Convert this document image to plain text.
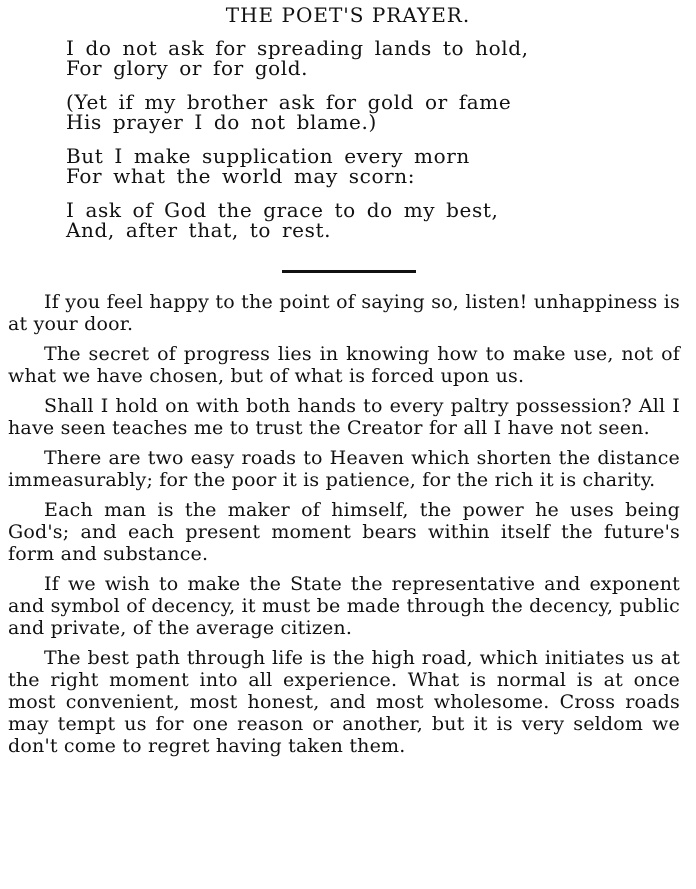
THE POET'S PRAYER.
I do not ask for spreading lands to hold,
For glory or for gold.
(Yet if my brother ask for gold or fame
His prayer I do not blame.)
But I make supplication every morn
For what the world may scorn:
I ask of God the grace to do my best,
And, after that, to rest.

If you feel happy to the point of saying so, listen! unhappiness is at your door.

The secret of progress lies in knowing how to make use, not of what we have chosen, but of what is forced upon us.

Shall I hold on with both hands to every paltry possession? All I have seen teaches me to trust the Creator for all I have not seen.

There are two easy roads to Heaven which shorten the distance immeasurably; for the poor it is patience, for the rich it is charity.

Each man is the maker of himself, the power he uses being God's; and each present moment bears within itself the future's form and substance.

If we wish to make the State the representative and exponent and symbol of decency, it must be made through the decency, public and private, of the average citizen.

The best path through life is the high road, which initiates us at the right moment into all experience. What is normal is at once most convenient, most honest, and most wholesome. Cross roads may tempt us for one reason or another, but it is very seldom we don't come to regret having taken them.
